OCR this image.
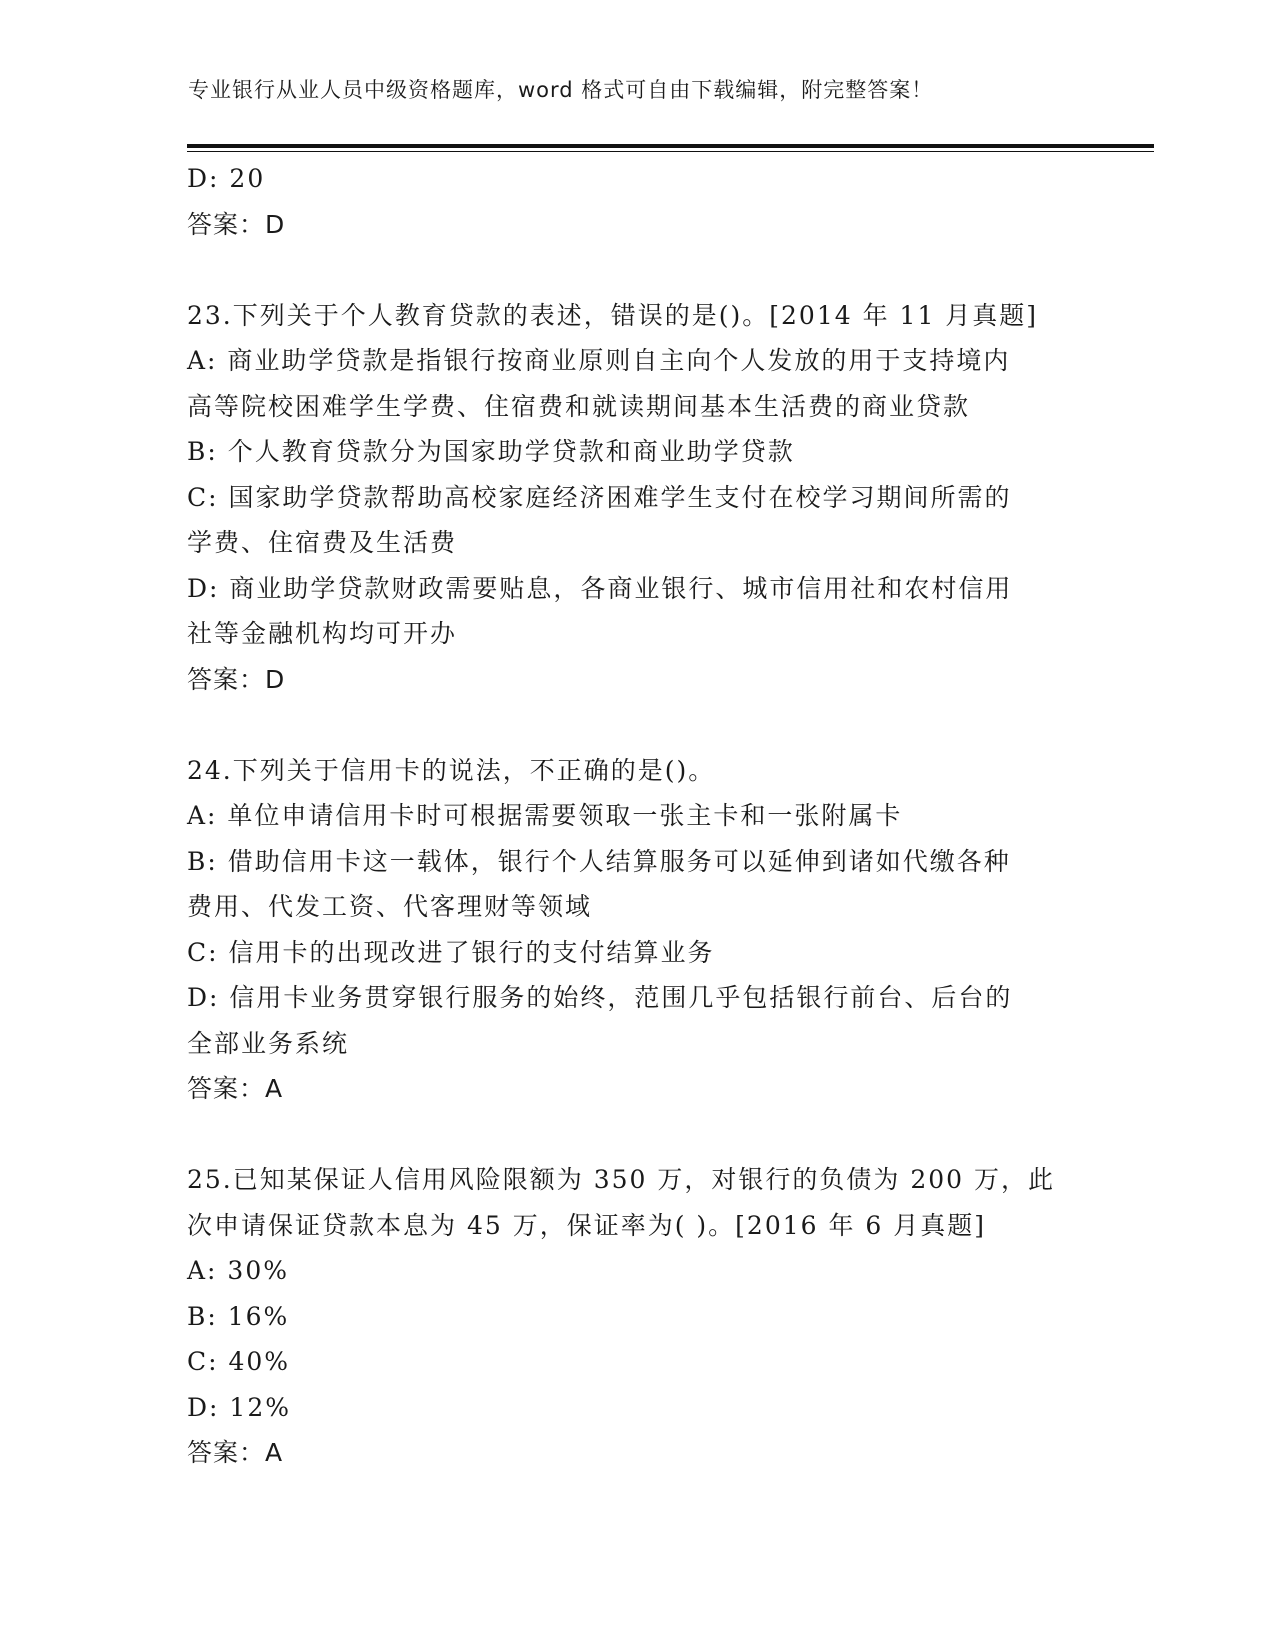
专业银行从业人员中级资格题库，word 格式可自由下载编辑，附完整答案！
D: 20
答案：D
23.下列关于个人教育贷款的表述，错误的是()。[2014 年 11 月真题]
A: 商业助学贷款是指银行按商业原则自主向个人发放的用于支持境内
高等院校困难学生学费、住宿费和就读期间基本生活费的商业贷款
B: 个人教育贷款分为国家助学贷款和商业助学贷款
C: 国家助学贷款帮助高校家庭经济困难学生支付在校学习期间所需的
学费、住宿费及生活费
D: 商业助学贷款财政需要贴息，各商业银行、城市信用社和农村信用
社等金融机构均可开办
答案：D
24.下列关于信用卡的说法，不正确的是()。
A: 单位申请信用卡时可根据需要领取一张主卡和一张附属卡
B: 借助信用卡这一载体，银行个人结算服务可以延伸到诸如代缴各种
费用、代发工资、代客理财等领域
C: 信用卡的出现改进了银行的支付结算业务
D: 信用卡业务贯穿银行服务的始终，范围几乎包括银行前台、后台的
全部业务系统
答案：A
25.已知某保证人信用风险限额为 350 万，对银行的负债为 200 万，此
次申请保证贷款本息为 45 万，保证率为( )。[2016 年 6 月真题]
A: 30%
B: 16%
C: 40%
D: 12%
答案：A
